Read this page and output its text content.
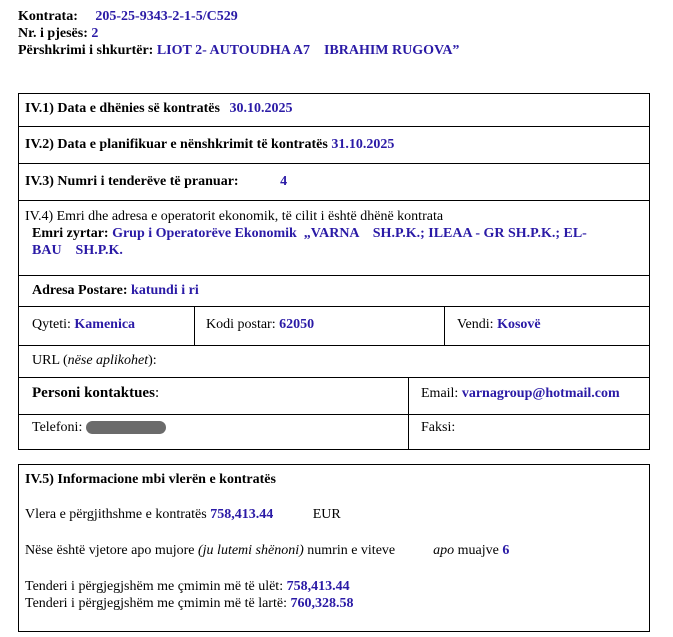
Kontrata: 205-25-9343-2-1-5/C529
Nr. i pjesës: 2
Përshkrimi i shkurtër: LIOT 2- AUTOUDHA A7    IBRAHIM RUGOVA”
IV.1) Data e dhënies së kontratës 30.10.2025
IV.2) Data e planifikuar e nënshkrimit të kontratës 31.10.2025
IV.3) Numri i tenderëve të pranuar:	4
IV.4) Emri dhe adresa e operatorit ekonomik, të cilit i është dhënë kontrata
Emri zyrtar: Grup i Operatorëve Ekonomik  „VARNA    SH.P.K.; ILEAA - GR SH.P.K.; EL-
BAU    SH.P.K.
Adresa Postare: katundi i ri
Qyteti: Kamenica	Kodi postar: 62050	Vendi: Kosovë
URL (nëse aplikohet):
Personi kontaktues:	Email: varnagroup@hotmail.com
Telefoni:	Faksi:
IV.5) Informacione mbi vlerën e kontratës
Vlera e përgjithshme e kontratës 758,413.44	EUR
Nëse është vjetore apo mujore (ju lutemi shënoni) numrin e viteve	apo muajve 6
Tenderi i përgjegjshëm me çmimin më të ulët: 758,413.44
Tenderi i përgjegjshëm me çmimin më të lartë: 760,328.58
